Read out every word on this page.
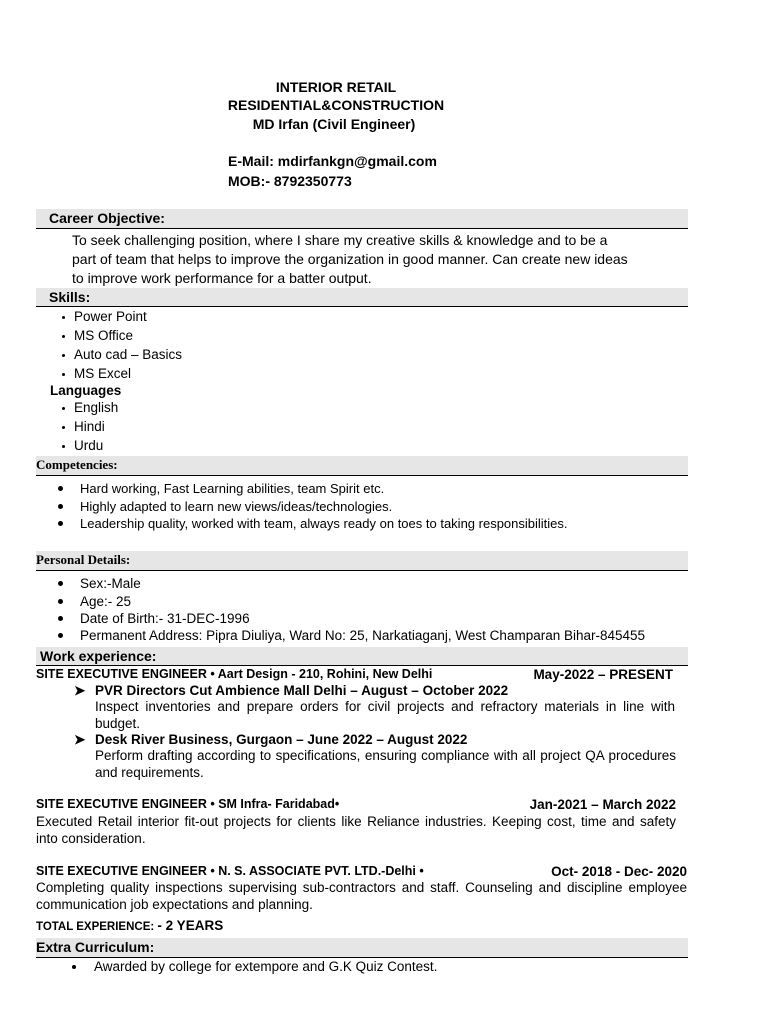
INTERIOR RETAIL
RESIDENTIAL&CONSTRUCTION
MD Irfan (Civil Engineer)
E-Mail: mdirfankgn@gmail.com
MOB:- 8792350773
Career Objective:
To seek challenging position, where I share my creative skills & knowledge and to be a
part of team that helps to improve the organization in good manner. Can create new ideas
to improve work performance for a batter output.
Skills:
Power Point
MS Office
Auto cad – Basics
MS Excel
Languages
English
Hindi
Urdu
Competencies:
Hard working, Fast Learning abilities, team Spirit etc.
Highly adapted to learn new views/ideas/technologies.
Leadership quality, worked with team, always ready on toes to taking responsibilities.
Personal Details:
Sex:-Male
Age:- 25
Date of Birth:- 31-DEC-1996
Permanent Address: Pipra Diuliya, Ward No: 25, Narkatiaganj, West Champaran Bihar-845455
Work experience:
SITE EXECUTIVE ENGINEER • Aart Design - 210, Rohini, New Delhi	May-2022 – PRESENT
➤ PVR Directors Cut Ambience Mall Delhi – August – October 2022
Inspect inventories and prepare orders for civil projects and refractory materials in line with budget.
➤ Desk River Business, Gurgaon – June 2022 – August 2022
Perform drafting according to specifications, ensuring compliance with all project QA procedures and requirements.
SITE EXECUTIVE ENGINEER • SM Infra- Faridabad•	Jan-2021 – March 2022
Executed Retail interior fit-out projects for clients like Reliance industries. Keeping cost, time and safety into consideration.
SITE EXECUTIVE ENGINEER • N. S. ASSOCIATE PVT. LTD.-Delhi •	Oct- 2018 - Dec- 2020
Completing quality inspections supervising sub-contractors and staff. Counseling and discipline employee communication job expectations and planning.
TOTAL EXPERIENCE: - 2 YEARS
Extra Curriculum:
Awarded by college for extempore and G.K Quiz Contest.
